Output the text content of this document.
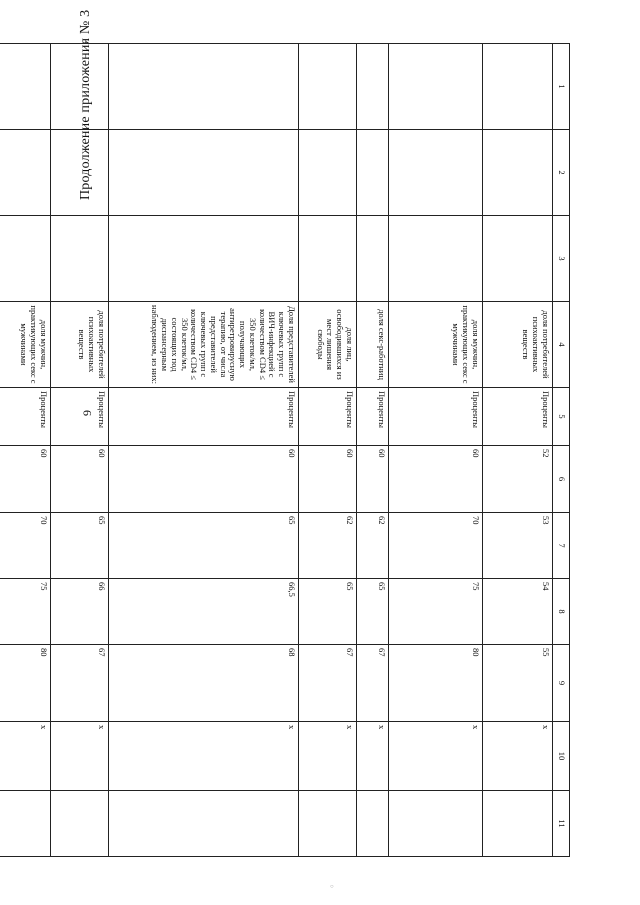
9
Продолжение приложения № 3
○
1	2	3	4	5	6	7	8	9	10	11
			доля потребителей психоактивных веществ	Проценты	52	53	54	55	х	
			доля мужчин, практикующих секс с мужчинами	Проценты	60	70	75	80	х	
			доля секс-работниц	Проценты	60	62	65	67	х	
			доля лиц, освободившихся из мест лишения свободы	Проценты	60	62	65	67	х	
			Доля представителей ключевых групп с ВИЧ-инфекцией с количеством CD4 ≤ 350 клеток/мл, получающих антиретровирусную терапию, от числа представителей ключевых групп с количеством CD4 ≤ 350 клеток/мл, состоящих под диспансерным наблюдением, из них:	Проценты	60	65	66,5	68	х	
			доля потребителей психоактивных веществ	Проценты	60	65	66	67	х	
			доля мужчин, практикующих секс с мужчинами	Проценты	60	70	75	80	х	
